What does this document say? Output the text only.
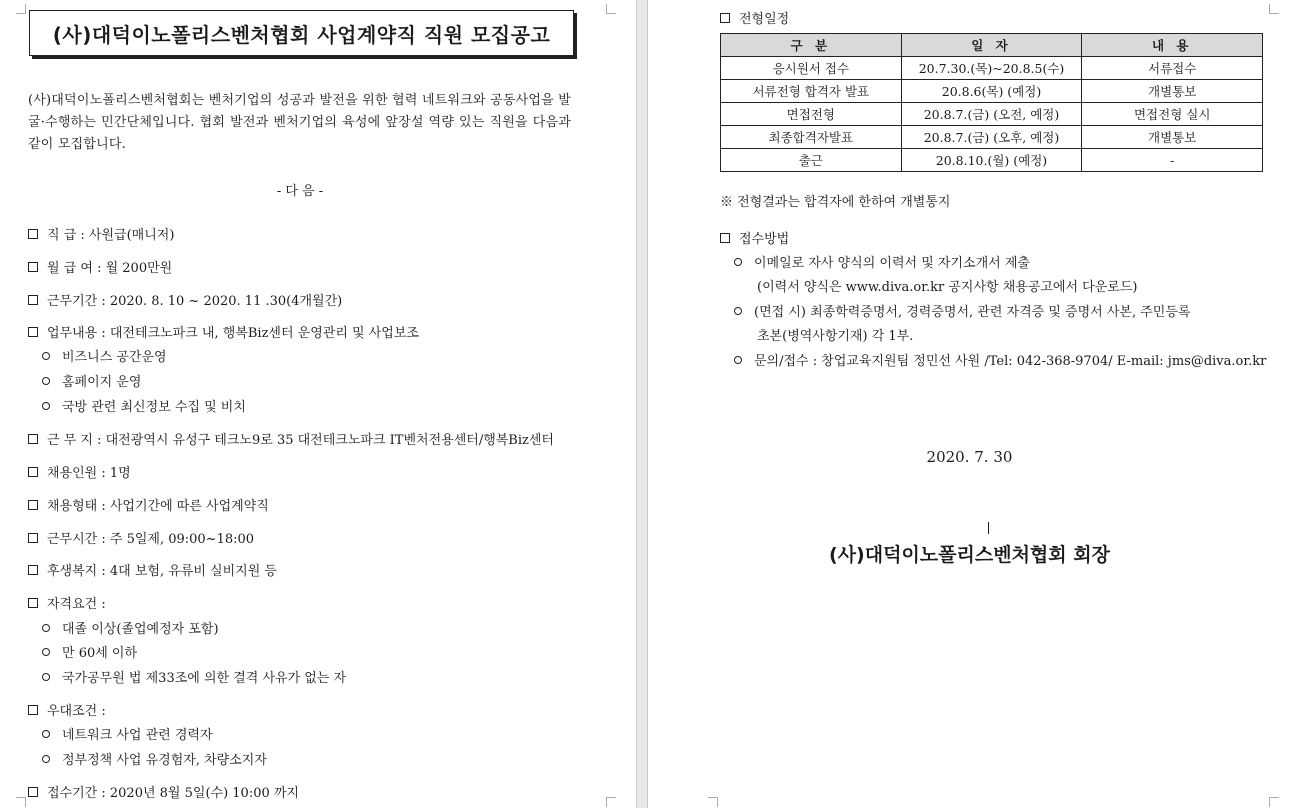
(사)대덕이노폴리스벤처협회 사업계약직 직원 모집공고
(사)대덕이노폴리스벤처협회는 벤처기업의 성공과 발전을 위한 협력 네트워크와 공동사업을 발굴·수행하는 민간단체입니다. 협회 발전과 벤처기업의 육성에 앞장설 역량 있는 직원을 다음과 같이 모집합니다.
- 다 음 -
직 급 : 사원급(매니저)
월 급 여 : 월 200만원
근무기간 : 2020. 8. 10 ~ 2020. 11 .30(4개월간)
업무내용 : 대전테크노파크 내, 행복Biz센터 운영관리 및 사업보조
비즈니스 공간운영
홈페이지 운영
국방 관련 최신정보 수집 및 비치
근 무 지 : 대전광역시 유성구 테크노9로 35 대전테크노파크 IT벤처전용센터/행복Biz센터
채용인원 : 1명
채용형태 : 사업기간에 따른 사업계약직
근무시간 : 주 5일제, 09:00~18:00
후생복지 : 4대 보험, 유류비 실비지원 등
자격요건 :
대졸 이상(졸업예정자 포함)
만 60세 이하
국가공무원 법 제33조에 의한 결격 사유가 없는 자
우대조건 :
네트워크 사업 관련 경력자
정부정책 사업 유경험자, 차량소지자
접수기간 : 2020년 8월 5일(수) 10:00 까지
전형일정
구 분	일 자	내 용
응시원서 접수	20.7.30.(목)~20.8.5(수)	서류접수
서류전형 합격자 발표	20.8.6(목) (예정)	개별통보
면접전형	20.8.7.(금) (오전, 예정)	면접전형 실시
최종합격자발표	20.8.7.(금) (오후, 예정)	개별통보
출근	20.8.10.(월) (예정)	-
※ 전형결과는 합격자에 한하여 개별통지
접수방법
이메일로 자사 양식의 이력서 및 자기소개서 제출
(이력서 양식은 www.diva.or.kr 공지사항 채용공고에서 다운로드)
(면접 시) 최종학력증명서, 경력증명서, 관련 자격증 및 증명서 사본, 주민등록
초본(병역사항기재) 각 1부.
문의/접수 : 창업교육지원팀 정민선 사원 /Tel: 042-368-9704/ E-mail: jms@diva.or.kr
2020. 7. 30
(사)대덕이노폴리스벤처협회 회장
